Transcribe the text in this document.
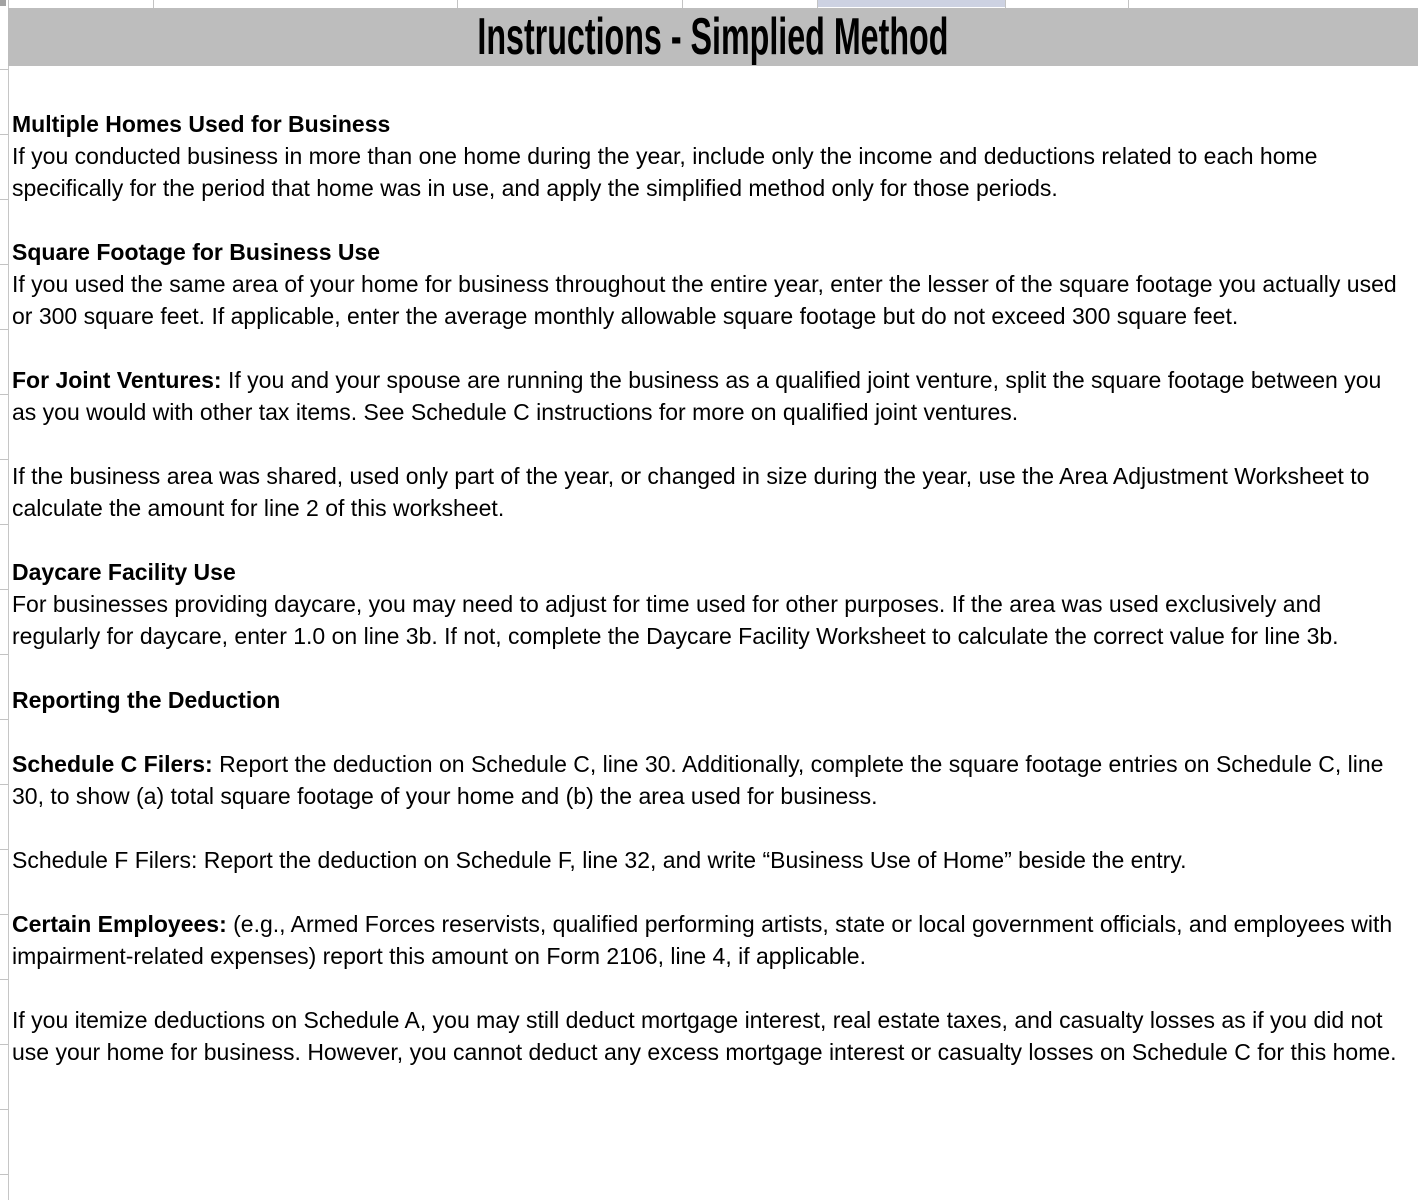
Instructions - Simplied Method
Multiple Homes Used for Business
If you conducted business in more than one home during the year, include only the income and deductions related to each home specifically for the period that home was in use, and apply the simplified method only for those periods.
Square Footage for Business Use
If you used the same area of your home for business throughout the entire year, enter the lesser of the square footage you actually used or 300 square feet. If applicable, enter the average monthly allowable square footage but do not exceed 300 square feet.
For Joint Ventures: If you and your spouse are running the business as a qualified joint venture, split the square footage between you as you would with other tax items. See Schedule C instructions for more on qualified joint ventures.
If the business area was shared, used only part of the year, or changed in size during the year, use the Area Adjustment Worksheet to calculate the amount for line 2 of this worksheet.
Daycare Facility Use
For businesses providing daycare, you may need to adjust for time used for other purposes. If the area was used exclusively and regularly for daycare, enter 1.0 on line 3b. If not, complete the Daycare Facility Worksheet to calculate the correct value for line 3b.
Reporting the Deduction
Schedule C Filers: Report the deduction on Schedule C, line 30. Additionally, complete the square footage entries on Schedule C, line 30, to show (a) total square footage of your home and (b) the area used for business.
Schedule F Filers: Report the deduction on Schedule F, line 32, and write “Business Use of Home” beside the entry.
Certain Employees: (e.g., Armed Forces reservists, qualified performing artists, state or local government officials, and employees with impairment-related expenses) report this amount on Form 2106, line 4, if applicable.
If you itemize deductions on Schedule A, you may still deduct mortgage interest, real estate taxes, and casualty losses as if you did not use your home for business. However, you cannot deduct any excess mortgage interest or casualty losses on Schedule C for this home.
